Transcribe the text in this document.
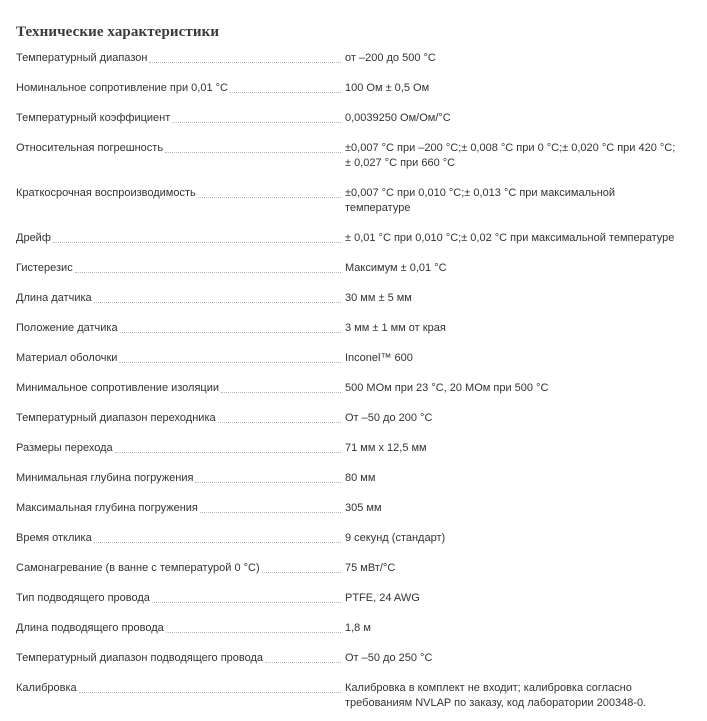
Технические характеристики
Температурный диапазон	от –200 до 500 °C
Номинальное сопротивление при 0,01 °C	100 Ом ± 0,5 Ом
Температурный коэффициент	0,0039250 Ом/Ом/°C
Относительная погрешность	±0,007 °C при –200 °C;± 0,008 °C при 0 °C;± 0,020 °C при 420 °C;
± 0,027 °C при 660 °C
Краткосрочная воспроизводимость	±0,007 °C при 0,010 °C;± 0,013 °C при максимальной
температуре
Дрейф	± 0,01 °C при 0,010 °C;± 0,02 °C при максимальной температуре
Гистерезис	Максимум ± 0,01 °C
Длина датчика	30 мм ± 5 мм
Положение датчика	3 мм ± 1 мм от края
Материал оболочки	Inconel™ 600
Минимальное сопротивление изоляции	500 МОм при 23 °C, 20 МОм при 500 °C
Температурный диапазон переходника	От –50 до 200 °C
Размеры перехода	71 мм x 12,5 мм
Минимальная глубина погружения	80 мм
Максимальная глубина погружения	305 мм
Время отклика	9 секунд (стандарт)
Самонагревание (в ванне с температурой 0 °C)	75 мВт/°C
Тип подводящего провода	PTFE, 24 AWG
Длина подводящего провода	1,8 м
Температурный диапазон подводящего провода	От –50 до 250 °C
Калибровка	Калибровка в комплект не входит; калибровка согласно
требованиям NVLAP по заказу, код лаборатории 200348-0.
